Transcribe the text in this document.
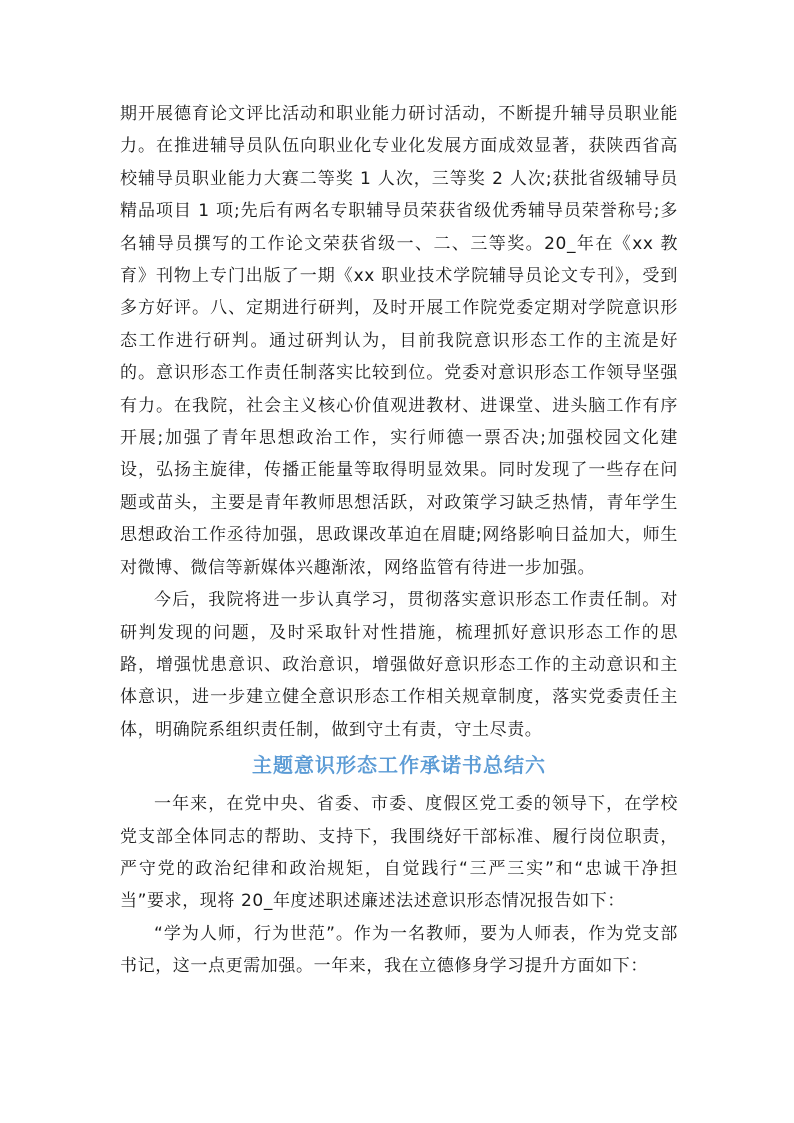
期开展德育论文评比活动和职业能力研讨活动，不断提升辅导员职业能力。在推进辅导员队伍向职业化专业化发展方面成效显著，获陕西省高校辅导员职业能力大赛二等奖 1 人次，三等奖 2 人次;获批省级辅导员精品项目 1 项;先后有两名专职辅导员荣获省级优秀辅导员荣誉称号;多名辅导员撰写的工作论文荣获省级一、二、三等奖。20_年在《xx 教育》刊物上专门出版了一期《xx 职业技术学院辅导员论文专刊》，受到多方好评。八、定期进行研判，及时开展工作院党委定期对学院意识形态工作进行研判。通过研判认为，目前我院意识形态工作的主流是好的。意识形态工作责任制落实比较到位。党委对意识形态工作领导坚强有力。在我院，社会主义核心价值观进教材、进课堂、进头脑工作有序开展;加强了青年思想政治工作，实行师德一票否决;加强校园文化建设，弘扬主旋律，传播正能量等取得明显效果。同时发现了一些存在问题或苗头，主要是青年教师思想活跃，对政策学习缺乏热情，青年学生思想政治工作丞待加强，思政课改革迫在眉睫;网络影响日益加大，师生对微博、微信等新媒体兴趣渐浓，网络监管有待进一步加强。

今后，我院将进一步认真学习，贯彻落实意识形态工作责任制。对研判发现的问题，及时采取针对性措施，梳理抓好意识形态工作的思路，增强忧患意识、政治意识，增强做好意识形态工作的主动意识和主体意识，进一步建立健全意识形态工作相关规章制度，落实党委责任主体，明确院系组织责任制，做到守土有责，守土尽责。

主题意识形态工作承诺书总结六

一年来，在党中央、省委、市委、度假区党工委的领导下，在学校党支部全体同志的帮助、支持下，我围绕好干部标准、履行岗位职责，严守党的政治纪律和政治规矩，自觉践行“三严三实”和“忠诚干净担当”要求，现将 20_年度述职述廉述法述意识形态情况报告如下：

“学为人师，行为世范”。作为一名教师，要为人师表，作为党支部书记，这一点更需加强。一年来，我在立德修身学习提升方面如下：
